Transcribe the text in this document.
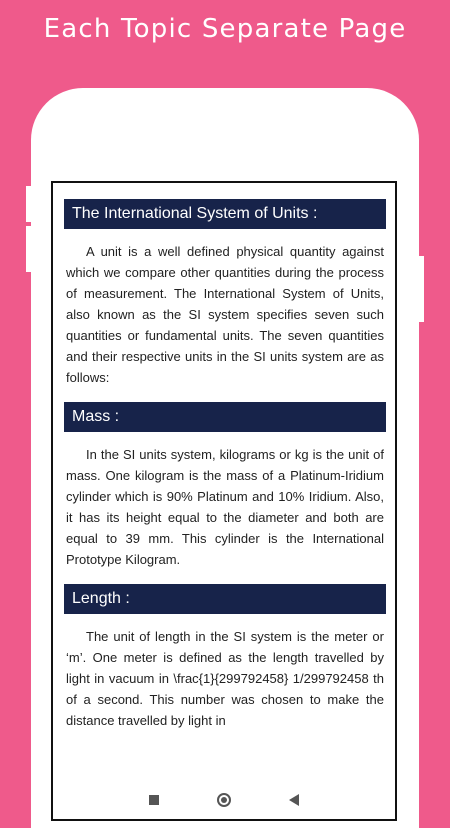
Each Topic Separate Page
The International System of Units :

A unit is a well defined physical quantity against which we compare other quantities during the process of measurement. The International System of Units, also known as the SI system specifies seven such quantities or fundamental units. The seven quantities and their respective units in the SI units system are as follows:

Mass :

In the SI units system, kilograms or kg is the unit of mass. One kilogram is the mass of a Platinum-Iridium cylinder which is 90% Platinum and 10% Iridium. Also, it has its height equal to the diameter and both are equal to 39 mm. This cylinder is the International Prototype Kilogram.

Length :

The unit of length in the SI system is the meter or ‘m’. One meter is defined as the length travelled by light in vacuum in \frac{1}{299792458} 1/299792458 th of a second. This number was chosen to make the distance travelled by light in
